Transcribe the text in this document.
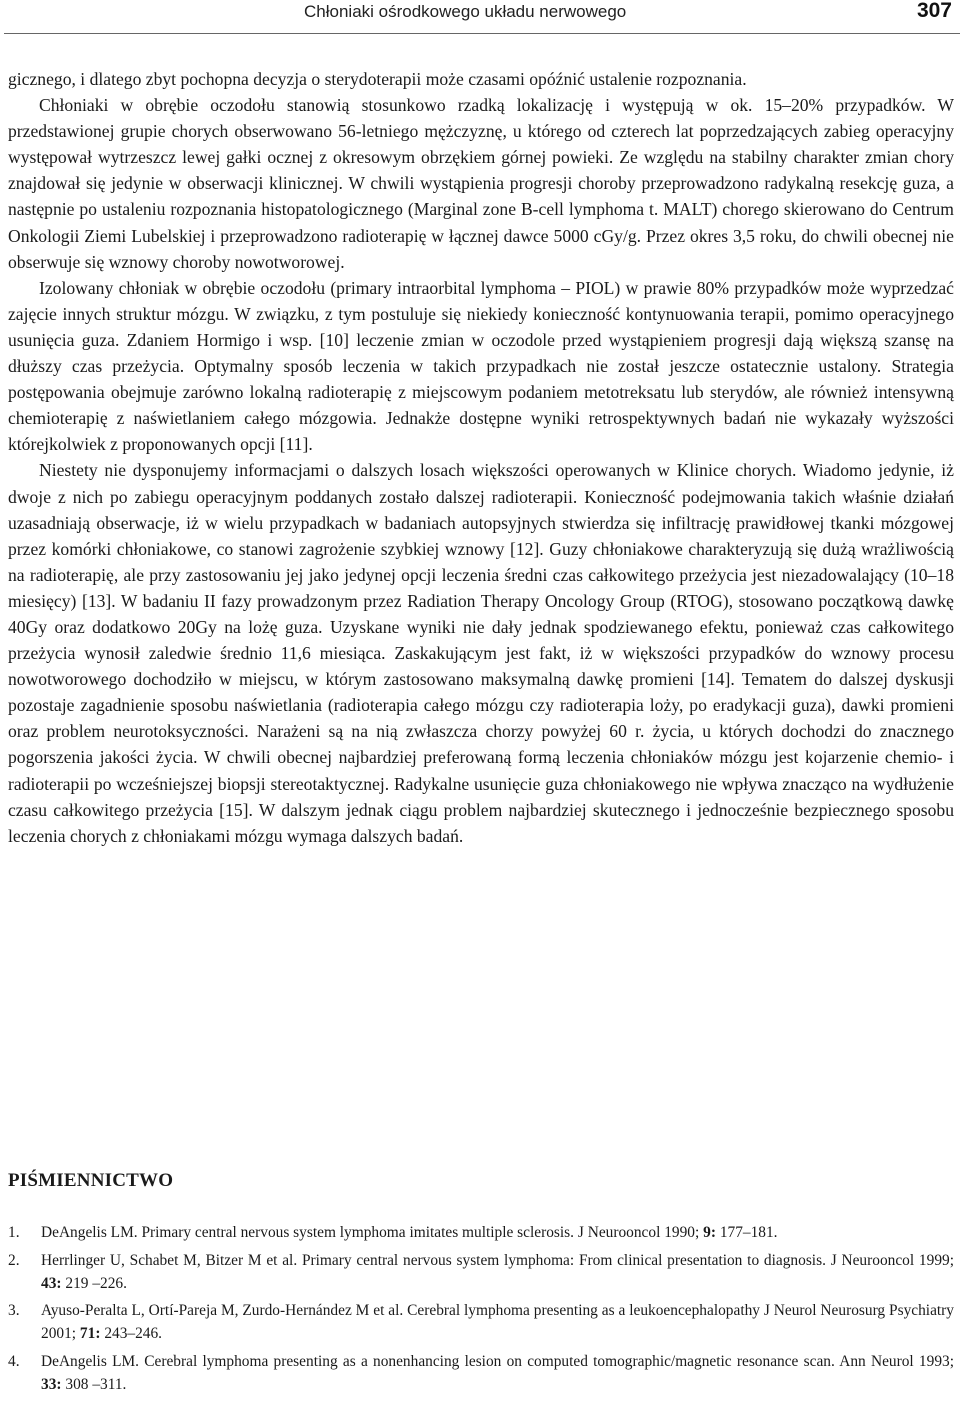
Chłoniaki ośrodkowego układu nerwowego	307

gicznego, i dlatego zbyt pochopna decyzja o sterydoterapii może czasami opóźnić ustalenie rozpoznania.

Chłoniaki w obrębie oczodołu stanowią stosunkowo rzadką lokalizację i występują w ok. 15–20% przypadków. W przedstawionej grupie chorych obserwowano 56-letniego mężczyznę, u którego od czterech lat poprzedzających zabieg operacyjny występował wytrzeszcz lewej gałki ocznej z okresowym obrzękiem górnej powieki. Ze względu na stabilny charakter zmian chory znajdował się jedynie w obserwacji klinicznej. W chwili wystąpienia progresji choroby przeprowadzono radykalną resekcję guza, a następnie po ustaleniu rozpoznania histopatologicznego (Marginal zone B-cell lymphoma t. MALT) chorego skierowano do Centrum Onkologii Ziemi Lubelskiej i przeprowadzono radioterapię w łącznej dawce 5000 cGy/g. Przez okres 3,5 roku, do chwili obecnej nie obserwuje się wznowy choroby nowotworowej.

Izolowany chłoniak w obrębie oczodołu (primary intraorbital lymphoma – PIOL) w prawie 80% przypadków może wyprzedzać zajęcie innych struktur mózgu. W związku, z tym postuluje się niekiedy konieczność kontynuowania terapii, pomimo operacyjnego usunięcia guza. Zdaniem Hormigo i wsp. [10] leczenie zmian w oczodole przed wystąpieniem progresji dają większą szansę na dłuższy czas przeżycia. Optymalny sposób leczenia w takich przypadkach nie został jeszcze ostatecznie ustalony. Strategia postępowania obejmuje zarówno lokalną radioterapię z miejscowym podaniem metotreksatu lub sterydów, ale również intensywną chemioterapię z naświetlaniem całego mózgowia. Jednakże dostępne wyniki retrospektywnych badań nie wykazały wyższości którejkolwiek z proponowanych opcji [11].

Niestety nie dysponujemy informacjami o dalszych losach większości operowanych w Klinice chorych. Wiadomo jedynie, iż dwoje z nich po zabiegu operacyjnym poddanych zostało dalszej radioterapii. Konieczność podejmowania takich właśnie działań uzasadniają obserwacje, iż w wielu przypadkach w badaniach autopsyjnych stwierdza się infiltrację prawidłowej tkanki mózgowej przez komórki chłoniakowe, co stanowi zagrożenie szybkiej wznowy [12]. Guzy chłoniakowe charakteryzują się dużą wrażliwością na radioterapię, ale przy zastosowaniu jej jako jedynej opcji leczenia średni czas całkowitego przeżycia jest niezadowalający (10–18 miesięcy) [13]. W badaniu II fazy prowadzonym przez Radiation Therapy Oncology Group (RTOG), stosowano początkową dawkę 40Gy oraz dodatkowo 20Gy na lożę guza. Uzyskane wyniki nie dały jednak spodziewanego efektu, ponieważ czas całkowitego przeżycia wynosił zaledwie średnio 11,6 miesiąca. Zaskakującym jest fakt, iż w większości przypadków do wznowy procesu nowotworowego dochodziło w miejscu, w którym zastosowano maksymalną dawkę promieni [14]. Tematem do dalszej dyskusji pozostaje zagadnienie sposobu naświetlania (radioterapia całego mózgu czy radioterapia loży, po eradykacji guza), dawki promieni oraz problem neurotoksyczności. Narażeni są na nią zwłaszcza chorzy powyżej 60 r. życia, u których dochodzi do znacznego pogorszenia jakości życia. W chwili obecnej najbardziej preferowaną formą leczenia chłoniaków mózgu jest kojarzenie chemio- i radioterapii po wcześniejszej biopsji stereotaktycznej. Radykalne usunięcie guza chłoniakowego nie wpływa znacząco na wydłużenie czasu całkowitego przeżycia [15]. W dalszym jednak ciągu problem najbardziej skutecznego i jednocześnie bezpiecznego sposobu leczenia chorych z chłoniakami mózgu wymaga dalszych badań.

PIŚMIENNICTWO
1. DeAngelis LM. Primary central nervous system lymphoma imitates multiple sclerosis. J Neurooncol 1990; 9: 177–181.
2. Herrlinger U, Schabet M, Bitzer M et al. Primary central nervous system lymphoma: From clinical presentation to diagnosis. J Neurooncol 1999; 43: 219 –226.
3. Ayuso-Peralta L, Ortí-Pareja M, Zurdo-Hernández M et al. Cerebral lymphoma presenting as a leukoencephalopathy J Neurol Neurosurg Psychiatry 2001; 71: 243–246.
4. DeAngelis LM. Cerebral lymphoma presenting as a nonenhancing lesion on computed tomographic/magnetic resonance scan. Ann Neurol 1993; 33: 308 –311.
